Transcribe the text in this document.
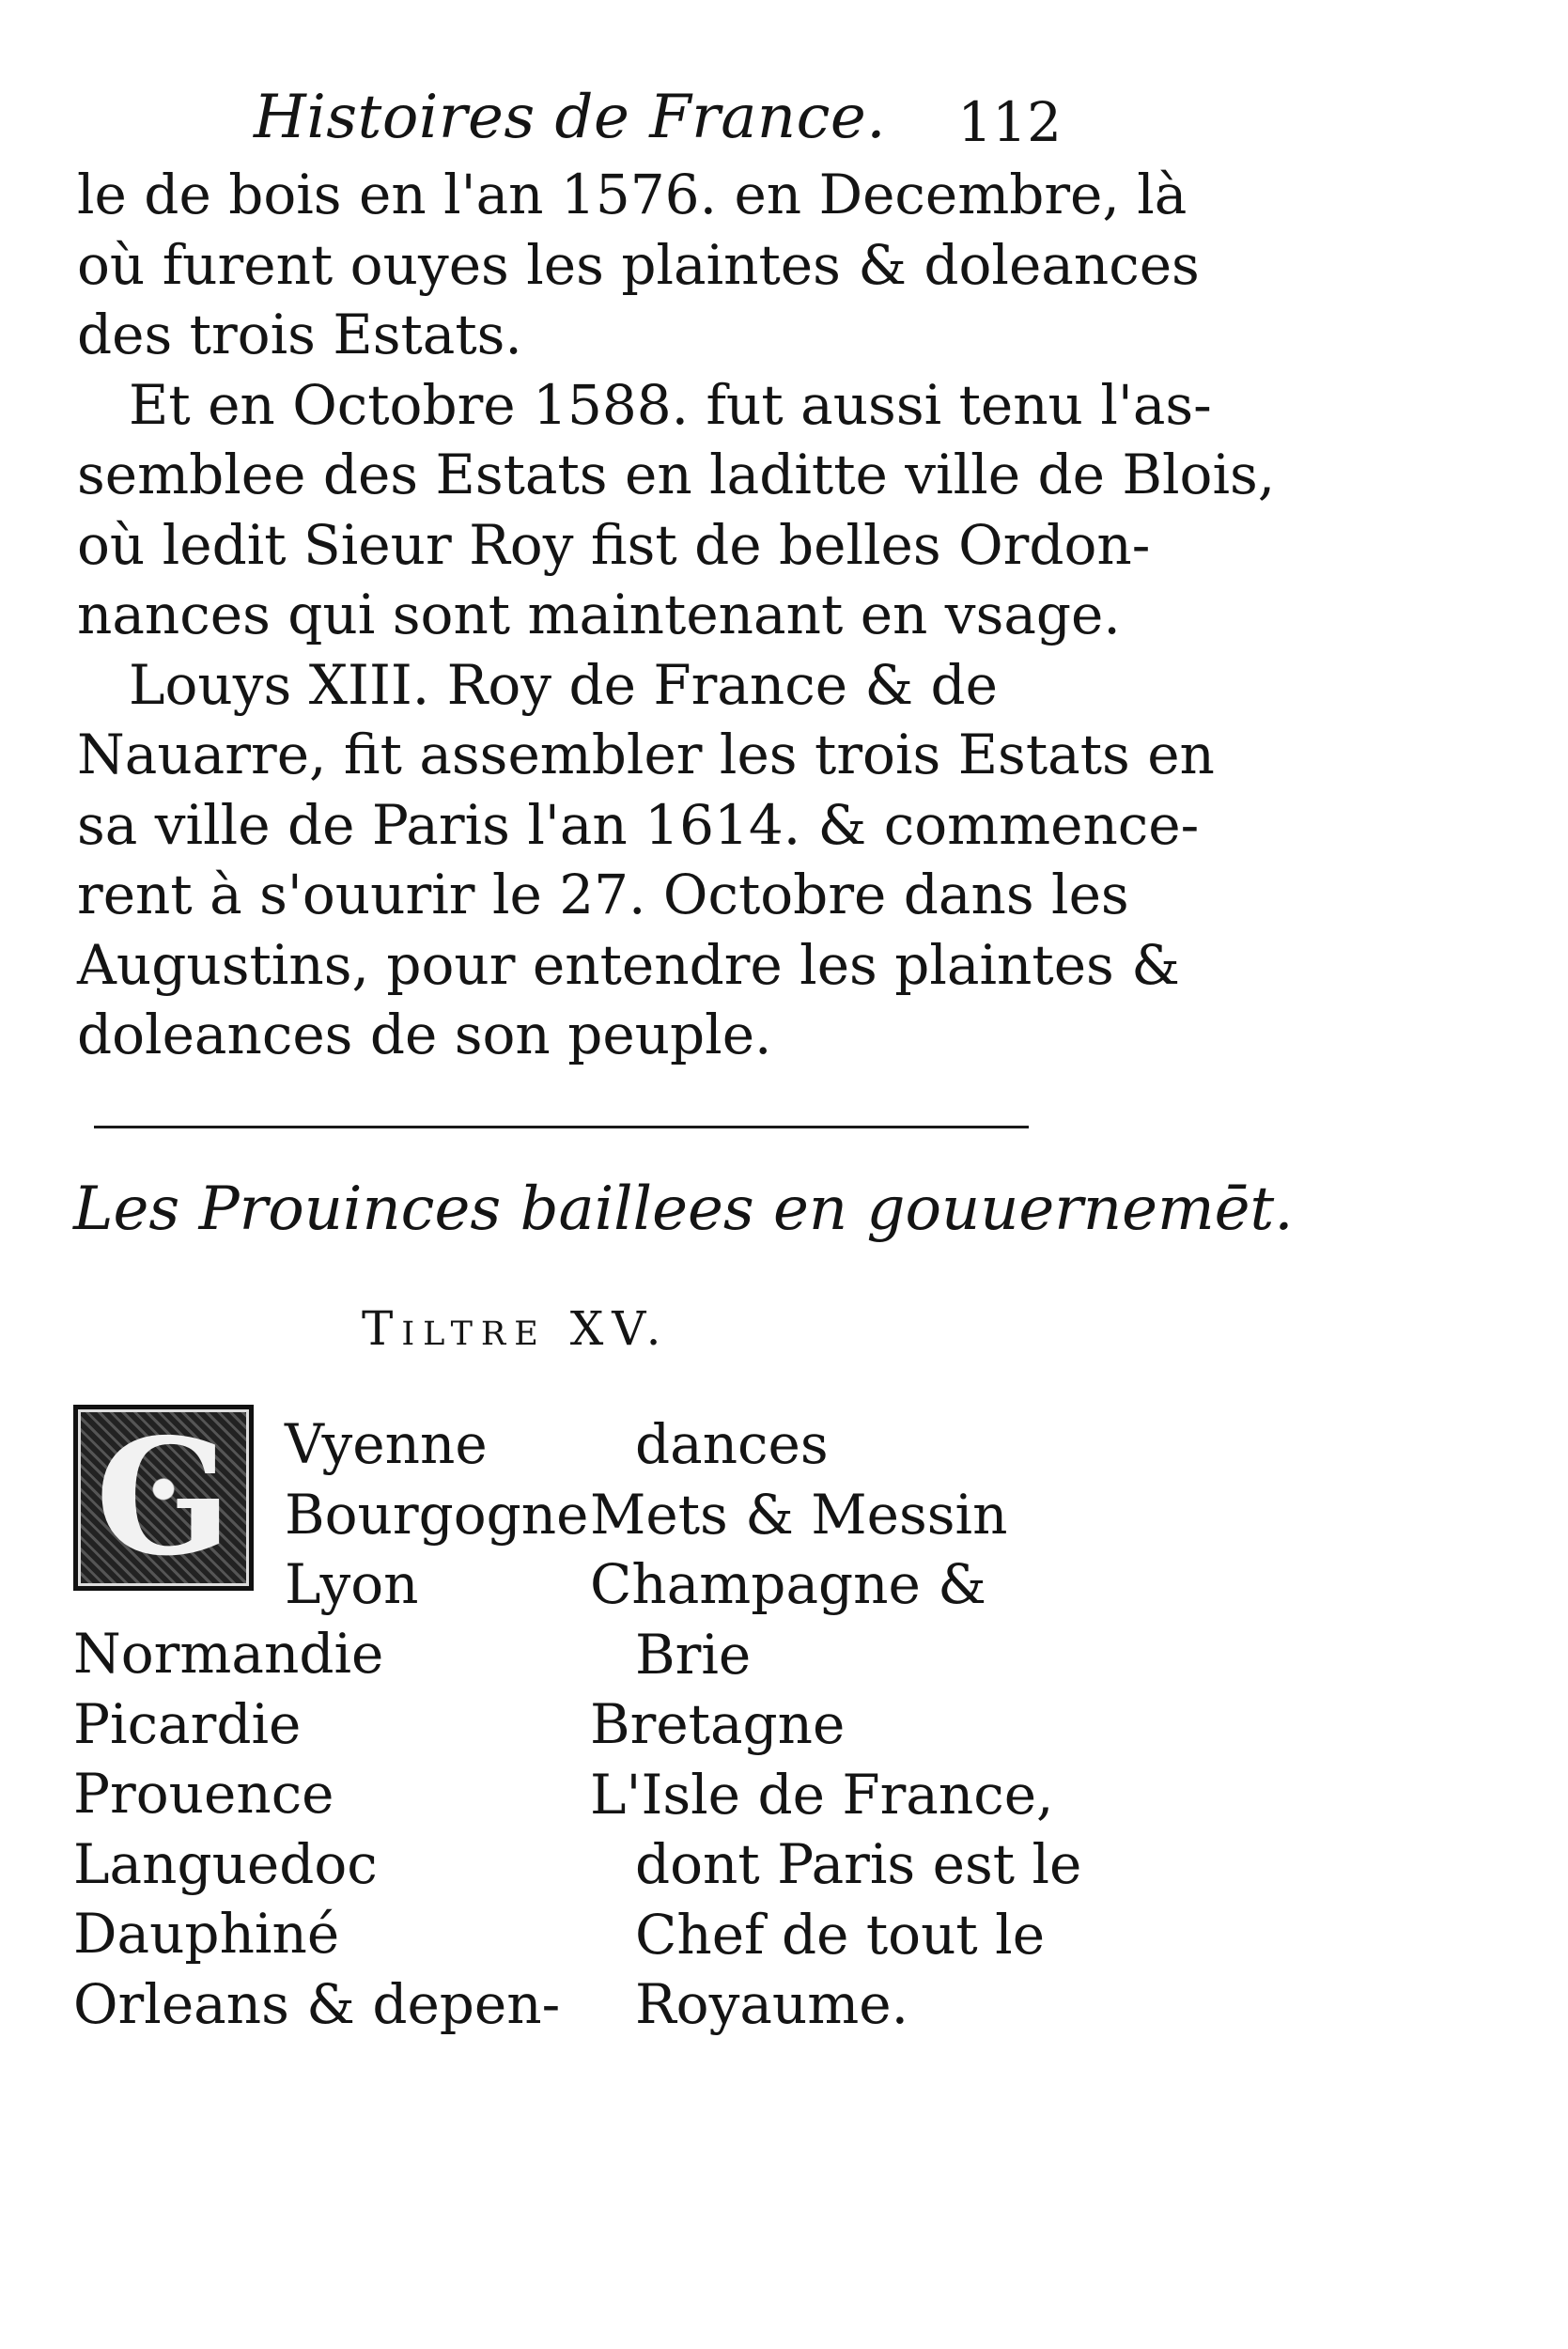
Histoires de France. 112
le de bois en l'an 1576. en Decembre, là
où furent ouyes les plaintes & doleances
des trois Estats.
Et en Octobre 1588. fut aussi tenu l'as-
semblee des Estats en laditte ville de Blois,
où ledit Sieur Roy fist de belles Ordon-
nances qui sont maintenant en vsage.
Louys XIII. Roy de France & de
Nauarre, fit assembler les trois Estats en
sa ville de Paris l'an 1614. & commence-
rent à s'ouurir le 27. Octobre dans les
Augustins, pour entendre les plaintes &
doleances de son peuple.
Les Prouinces baillees en gouuernemēt.
Tiltre XV.
G Vyenne
Bourgogne
Lyon
Normandie
Picardie
Prouence
Languedoc
Dauphiné
Orleans & depen-
dances
Mets & Messin
Champagne &
Brie
Bretagne
L'Isle de France,
dont Paris est le
Chef de tout le
Royaume.
